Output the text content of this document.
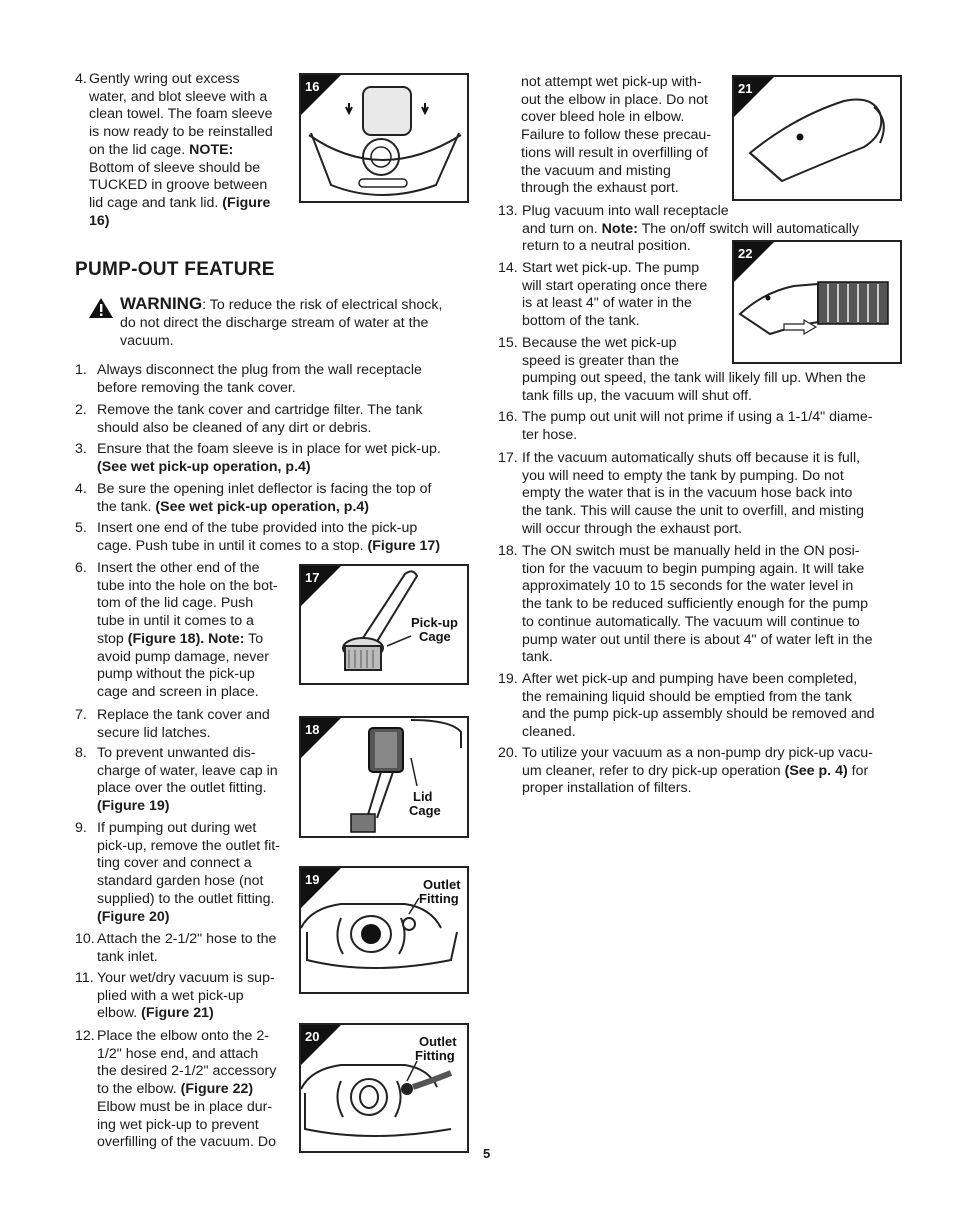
4. Gently wring out excess
water, and blot sleeve with a
clean towel. The foam sleeve
is now ready to be reinstalled
on the lid cage. NOTE:
Bottom of sleeve should be
TUCKED in groove between
lid cage and tank lid. (Figure
16)
16
PUMP-OUT FEATURE
WARNING: To reduce the risk of electrical shock,
do not direct the discharge stream of water at the
vacuum.
1. Always disconnect the plug from the wall receptacle
before removing the tank cover.
2. Remove the tank cover and cartridge filter. The tank
should also be cleaned of any dirt or debris.
3. Ensure that the foam sleeve is in place for wet pick-up.
(See wet pick-up operation, p.4)
4. Be sure the opening inlet deflector is facing the top of
the tank. (See wet pick-up operation, p.4)
5. Insert one end of the tube provided into the pick-up
cage. Push tube in until it comes to a stop. (Figure 17)
6. Insert the other end of the
tube into the hole on the bot-
tom of the lid cage. Push
tube in until it comes to a
stop (Figure 18). Note: To
avoid pump damage, never
pump without the pick-up
cage and screen in place.
17
Pick-up
Cage
7. Replace the tank cover and
secure lid latches.	18
Lid
Cage
8. To prevent unwanted dis-
charge of water, leave cap in
place over the outlet fitting.
(Figure 19)
9. If pumping out during wet
pick-up, remove the outlet fit-
ting cover and connect a
standard garden hose (not
supplied) to the outlet fitting.
(Figure 20)
19	Outlet
Fitting
10. Attach the 2-1/2" hose to the
tank inlet.
11. Your wet/dry vacuum is sup-
plied with a wet pick-up
elbow. (Figure 21)
12. Place the elbow onto the 2-
1/2" hose end, and attach
the desired 2-1/2" accessory
to the elbow. (Figure 22)
Elbow must be in place dur-
ing wet pick-up to prevent
overfilling of the vacuum. Do
20	Outlet
Fitting
not attempt wet pick-up with-
out the elbow in place. Do not
cover bleed hole in elbow.
Failure to follow these precau-
tions will result in overfilling of
the vacuum and misting
through the exhaust port.
21
13. Plug vacuum into wall receptacle
and turn on. Note: The on/off switch will automatically
return to a neutral position.	22
14. Start wet pick-up. The pump
will start operating once there
is at least 4" of water in the
bottom of the tank.
15. Because the wet pick-up
speed is greater than the
pumping out speed, the tank will likely fill up. When the
tank fills up, the vacuum will shut off.
16. The pump out unit will not prime if using a 1-1/4" diame-
ter hose.
17. If the vacuum automatically shuts off because it is full,
you will need to empty the tank by pumping. Do not
empty the water that is in the vacuum hose back into
the tank. This will cause the unit to overfill, and misting
will occur through the exhaust port.
18. The ON switch must be manually held in the ON posi-
tion for the vacuum to begin pumping again. It will take
approximately 10 to 15 seconds for the water level in
the tank to be reduced sufficiently enough for the pump
to continue automatically. The vacuum will continue to
pump water out until there is about 4" of water left in the
tank.
19. After wet pick-up and pumping have been completed,
the remaining liquid should be emptied from the tank
and the pump pick-up assembly should be removed and
cleaned.
20. To utilize your vacuum as a non-pump dry pick-up vacu-
um cleaner, refer to dry pick-up operation (See p. 4) for
proper installation of filters.
5
